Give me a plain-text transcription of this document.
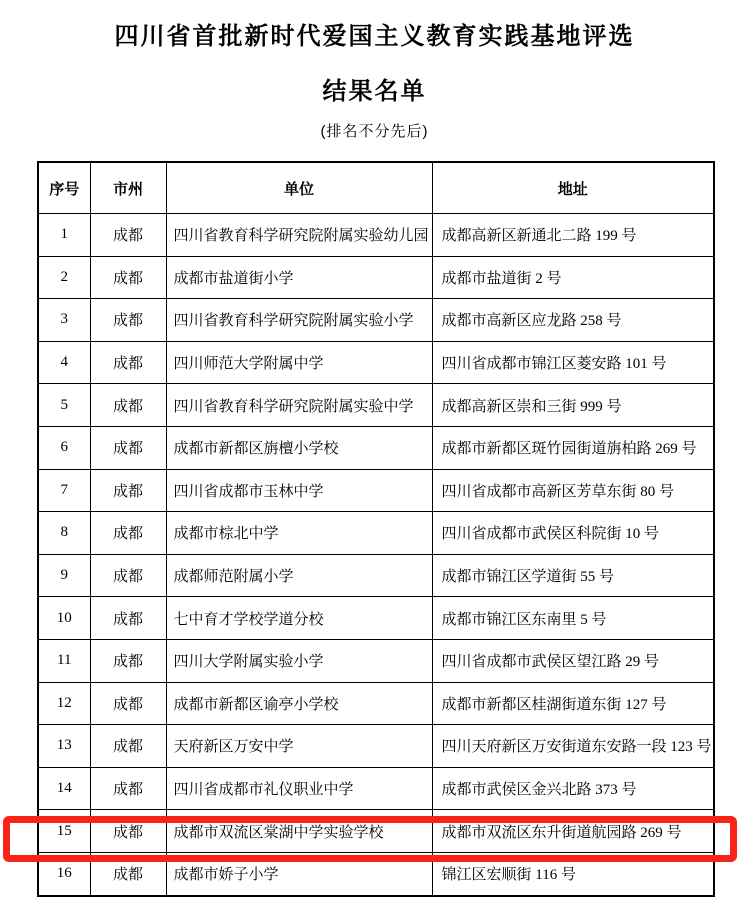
四川省首批新时代爱国主义教育实践基地评选
结果名单
(排名不分先后)
序号	市州	单位	地址
1	成都	四川省教育科学研究院附属实验幼儿园	成都高新区新通北二路 199 号
2	成都	成都市盐道街小学	成都市盐道街 2 号
3	成都	四川省教育科学研究院附属实验小学	成都市高新区应龙路 258 号
4	成都	四川师范大学附属中学	四川省成都市锦江区菱安路 101 号
5	成都	四川省教育科学研究院附属实验中学	成都高新区崇和三街 999 号
6	成都	成都市新都区旃檀小学校	成都市新都区斑竹园街道旃柏路 269 号
7	成都	四川省成都市玉林中学	四川省成都市高新区芳草东街 80 号
8	成都	成都市棕北中学	四川省成都市武侯区科院街 10 号
9	成都	成都师范附属小学	成都市锦江区学道街 55 号
10	成都	七中育才学校学道分校	成都市锦江区东南里 5 号
11	成都	四川大学附属实验小学	四川省成都市武侯区望江路 29 号
12	成都	成都市新都区谕亭小学校	成都市新都区桂湖街道东街 127 号
13	成都	天府新区万安中学	四川天府新区万安街道东安路一段 123 号
14	成都	四川省成都市礼仪职业中学	成都市武侯区金兴北路 373 号
15	成都	成都市双流区棠湖中学实验学校	成都市双流区东升街道航园路 269 号
16	成都	成都市娇子小学	锦江区宏顺街 116 号
